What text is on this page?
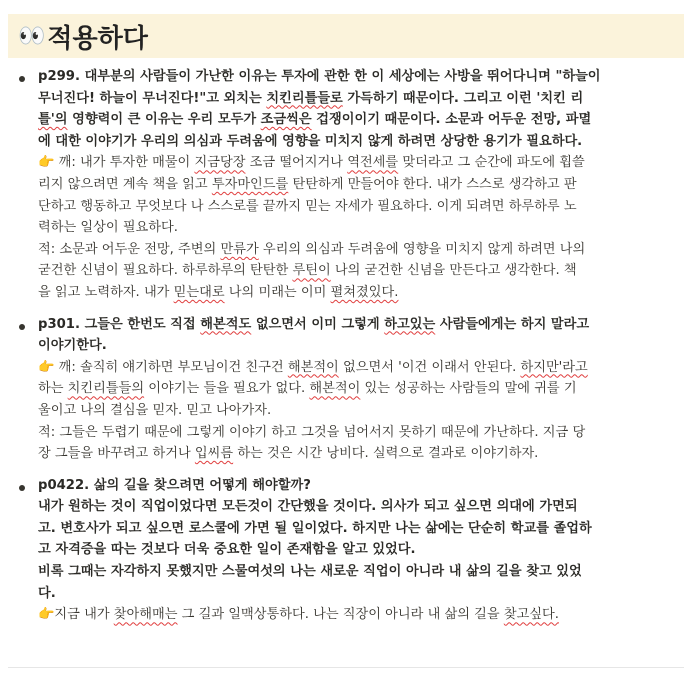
👀 적용하다
p299. 대부분의 사람들이 가난한 이유는 투자에 관한 한 이 세상에는 사방을 뛰어다니며 "하늘이
무너진다! 하늘이 무너진다!"고 외치는 치킨리틀들로 가득하기 때문이다. 그리고 이런 '치킨 리
틀'의 영향력이 큰 이유는 우리 모두가 조금씩은 겁쟁이이기 때문이다. 소문과 어두운 전망, 파멸
에 대한 이야기가 우리의 의심과 두려움에 영향을 미치지 않게 하려면 상당한 용기가 필요하다.
👉 깨: 내가 투자한 매물이 지금당장 조금 떨어지거나 역전세를 맞더라고 그 순간에 파도에 휩쓸
리지 않으려면 계속 책을 읽고 투자마인드를 탄탄하게 만들어야 한다. 내가 스스로 생각하고 판
단하고 행동하고 무엇보다 나 스스로를 끝까지 믿는 자세가 필요하다. 이게 되려면 하루하루 노
력하는 일상이 필요하다.
적: 소문과 어두운 전망, 주변의 만류가 우리의 의심과 두려움에 영향을 미치지 않게 하려면 나의
굳건한 신념이 필요하다. 하루하루의 탄탄한 루틴이 나의 굳건한 신념을 만든다고 생각한다. 책
을 읽고 노력하자. 내가 믿는대로 나의 미래는 이미 펼쳐졌있다.
p301. 그들은 한번도 직접 해본적도 없으면서 이미 그렇게 하고있는 사람들에게는 하지 말라고
이야기한다.
👉 깨: 솔직히 얘기하면 부모님이건 친구건 해본적이 없으면서 '이건 이래서 안된다. 하지만'라고
하는 치킨리틀들의 이야기는 들을 필요가 없다. 해본적이 있는 성공하는 사람들의 말에 귀를 기
울이고 나의 결심을 믿자. 믿고 나아가자.
적: 그들은 두렵기 때문에 그렇게 이야기 하고 그것을 넘어서지 못하기 때문에 가난하다. 지금 당
장 그들을 바꾸려고 하거나 입씨름 하는 것은 시간 낭비다. 실력으로 결과로 이야기하자.
p0422. 삶의 길을 찾으려면 어떻게 해야할까?
내가 원하는 것이 직업이었다면 모든것이 간단했을 것이다. 의사가 되고 싶으면 의대에 가면되
고. 변호사가 되고 싶으면 로스쿨에 가면 될 일이었다. 하지만 나는 삶에는 단순히 학교를 졸업하
고 자격증을 따는 것보다 더욱 중요한 일이 존재함을 알고 있었다.
비록 그때는 자각하지 못했지만 스물여섯의 나는 새로운 직업이 아니라 내 삶의 길을 찾고 있었
다.
👉지금 내가 찾아해매는 그 길과 일맥상통하다. 나는 직장이 아니라 내 삶의 길을 찾고싶다.
